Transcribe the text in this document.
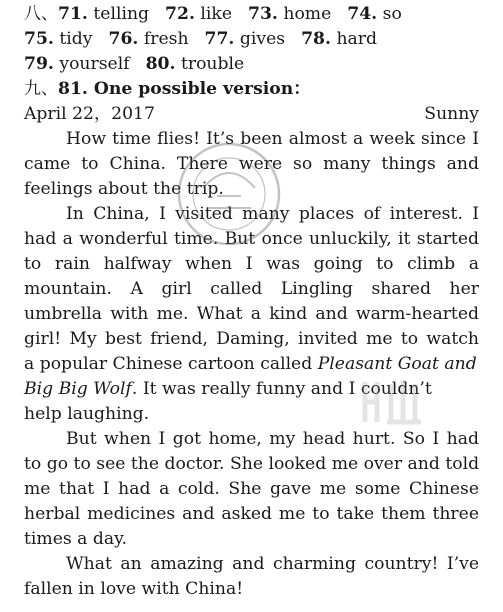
八、71. telling 72. like 73. home 74. so
75. tidy 76. fresh 77. gives 78. hard
79. yourself 80. trouble
九、81. One possible version：
April 22，2017	Sunny
How time flies! It’s been almost a week since I
came to China. There were so many things and
feelings about the trip.
In China, I visited many places of interest. I
had a wonderful time. But once unluckily, it started
to rain halfway when I was going to climb a
mountain. A girl called Lingling shared her
umbrella with me. What a kind and warm-hearted
girl! My best friend, Daming, invited me to watch
a popular Chinese cartoon called Pleasant Goat and
Big Big Wolf. It was really funny and I couldn’t
help laughing.
But when I got home, my head hurt. So I had
to go to see the doctor. She looked me over and told
me that I had a cold. She gave me some Chinese
herbal medicines and asked me to take them three
times a day.
What an amazing and charming country! I’ve
fallen in love with China!
